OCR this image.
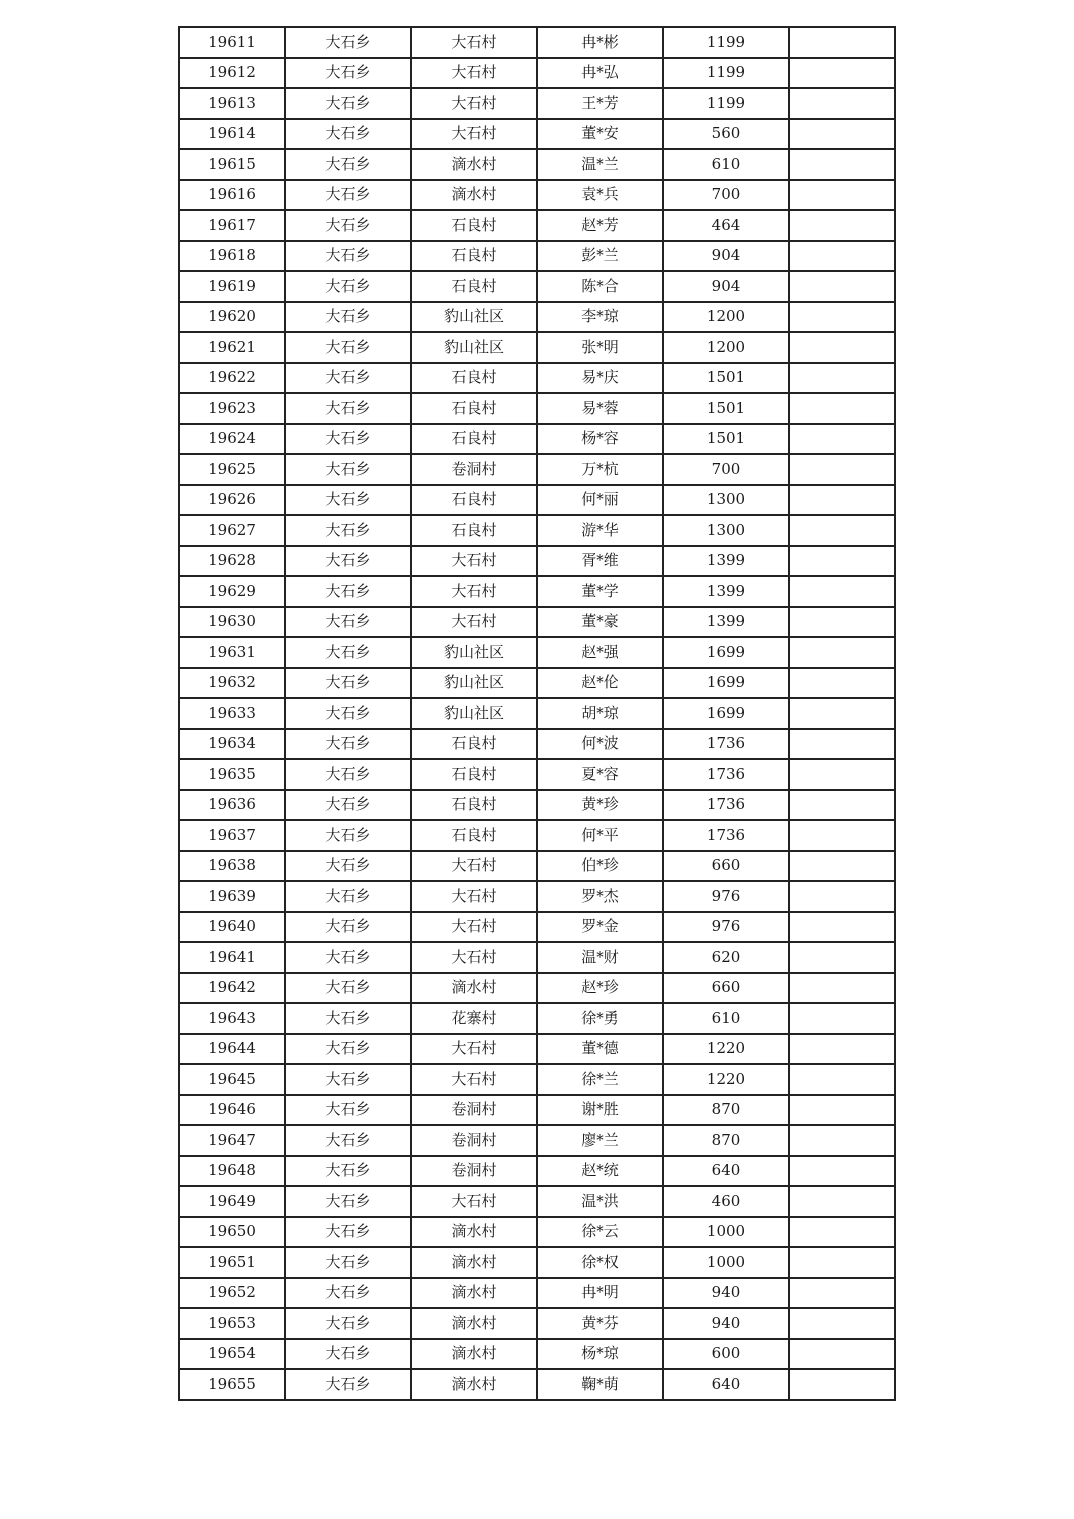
19611	大石乡	大石村	冉*彬	1199	
19612	大石乡	大石村	冉*弘	1199	
19613	大石乡	大石村	王*芳	1199	
19614	大石乡	大石村	董*安	560	
19615	大石乡	滴水村	温*兰	610	
19616	大石乡	滴水村	袁*兵	700	
19617	大石乡	石良村	赵*芳	464	
19618	大石乡	石良村	彭*兰	904	
19619	大石乡	石良村	陈*合	904	
19620	大石乡	豹山社区	李*琼	1200	
19621	大石乡	豹山社区	张*明	1200	
19622	大石乡	石良村	易*庆	1501	
19623	大石乡	石良村	易*蓉	1501	
19624	大石乡	石良村	杨*容	1501	
19625	大石乡	卷洞村	万*杭	700	
19626	大石乡	石良村	何*丽	1300	
19627	大石乡	石良村	游*华	1300	
19628	大石乡	大石村	胥*维	1399	
19629	大石乡	大石村	董*学	1399	
19630	大石乡	大石村	董*豪	1399	
19631	大石乡	豹山社区	赵*强	1699	
19632	大石乡	豹山社区	赵*伦	1699	
19633	大石乡	豹山社区	胡*琼	1699	
19634	大石乡	石良村	何*波	1736	
19635	大石乡	石良村	夏*容	1736	
19636	大石乡	石良村	黄*珍	1736	
19637	大石乡	石良村	何*平	1736	
19638	大石乡	大石村	伯*珍	660	
19639	大石乡	大石村	罗*杰	976	
19640	大石乡	大石村	罗*金	976	
19641	大石乡	大石村	温*财	620	
19642	大石乡	滴水村	赵*珍	660	
19643	大石乡	花寨村	徐*勇	610	
19644	大石乡	大石村	董*德	1220	
19645	大石乡	大石村	徐*兰	1220	
19646	大石乡	卷洞村	谢*胜	870	
19647	大石乡	卷洞村	廖*兰	870	
19648	大石乡	卷洞村	赵*统	640	
19649	大石乡	大石村	温*洪	460	
19650	大石乡	滴水村	徐*云	1000	
19651	大石乡	滴水村	徐*权	1000	
19652	大石乡	滴水村	冉*明	940	
19653	大石乡	滴水村	黄*芬	940	
19654	大石乡	滴水村	杨*琼	600	
19655	大石乡	滴水村	鞠*萌	640	
